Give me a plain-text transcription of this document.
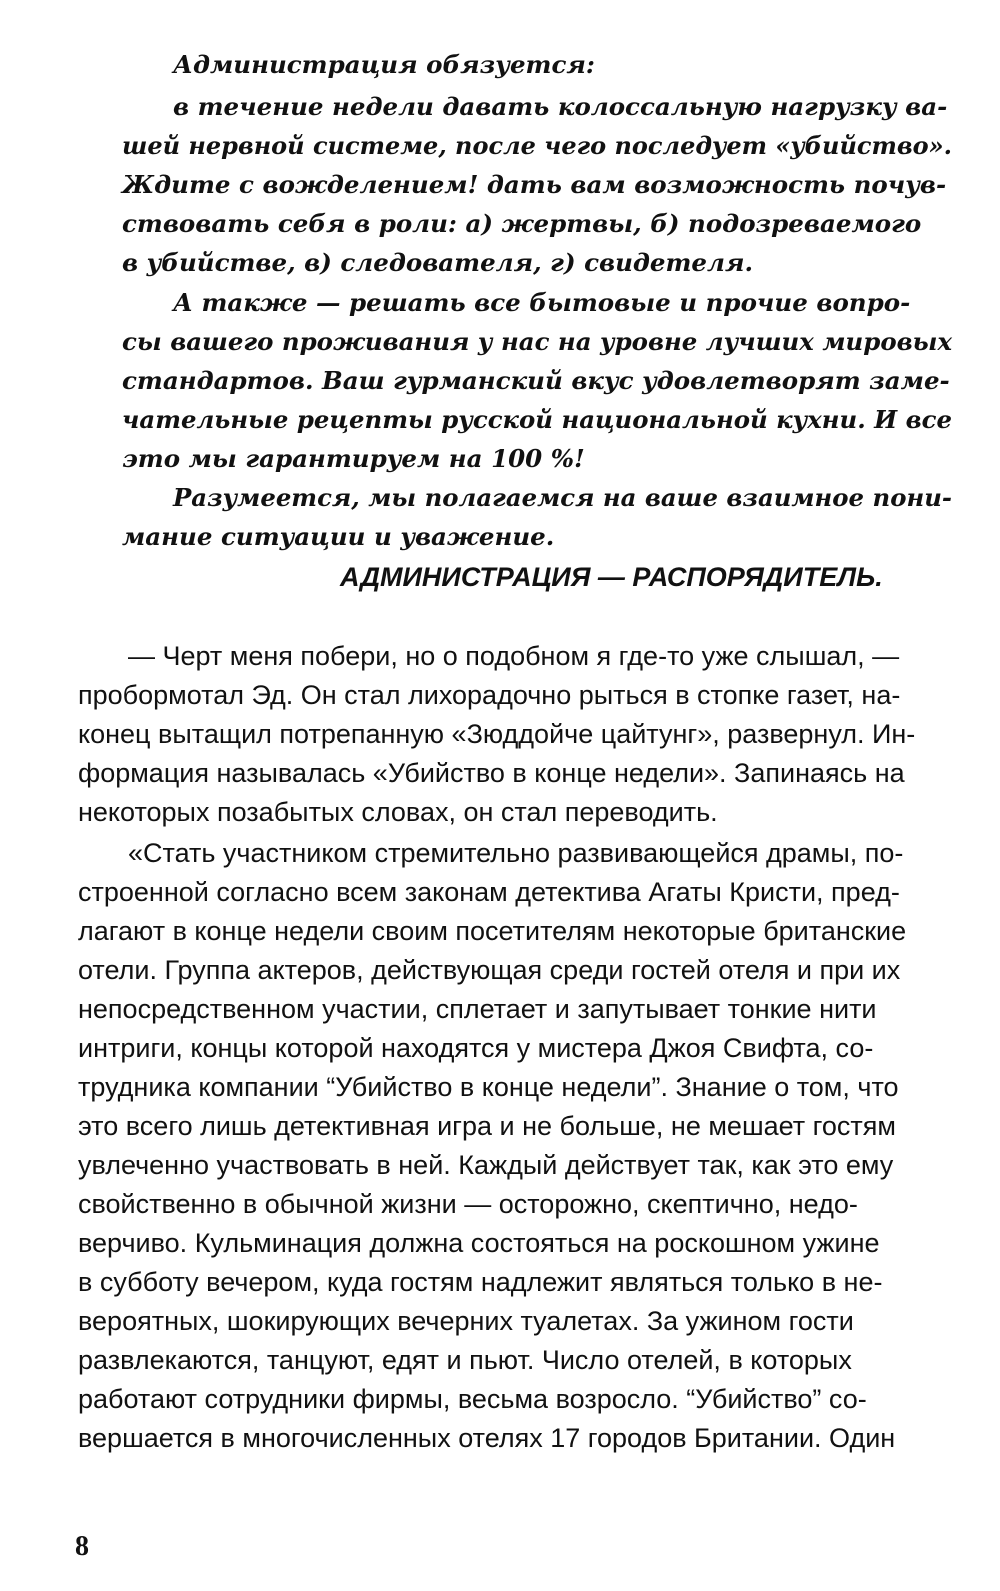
Администрация обязуется:

в течение недели давать колоссальную нагрузку ва-

шей нервной системе, после чего последует «убийство».

Ждите с вожделением! дать вам возможность почув-

ствовать себя в роли: а) жертвы, б) подозреваемого

в убийстве, в) следователя, г) свидетеля.

А также — решать все бытовые и прочие вопро-

сы вашего проживания у нас на уровне лучших мировых

стандартов. Ваш гурманский вкус удовлетворят заме-

чательные рецепты русской национальной кухни. И все

это мы гарантируем на 100 %!

Разумеется, мы полагаемся на ваше взаимное пони-

мание ситуации и уважение.

АДМИНИСТРАЦИЯ — РАСПОРЯДИТЕЛЬ.

— Черт меня побери, но о подобном я где-то уже слышал, —

пробормотал Эд. Он стал лихорадочно рыться в стопке газет, на-

конец вытащил потрепанную «Зюддойче цайтунг», развернул. Ин-

формация называлась «Убийство в конце недели». Запинаясь на

некоторых позабытых словах, он стал переводить.

«Стать участником стремительно развивающейся драмы, по-

строенной согласно всем законам детектива Агаты Кристи, пред-

лагают в конце недели своим посетителям некоторые британские

отели. Группа актеров, действующая среди гостей отеля и при их

непосредственном участии, сплетает и запутывает тонкие нити

интриги, концы которой находятся у мистера Джоя Свифта, со-

трудника компании “Убийство в конце недели”. Знание о том, что

это всего лишь детективная игра и не больше, не мешает гостям

увлеченно участвовать в ней. Каждый действует так, как это ему

свойственно в обычной жизни — осторожно, скептично, недо-

верчиво. Кульминация должна состояться на роскошном ужине

в субботу вечером, куда гостям надлежит являться только в не-

вероятных, шокирующих вечерних туалетах. За ужином гости

развлекаются, танцуют, едят и пьют. Число отелей, в которых

работают сотрудники фирмы, весьма возросло. “Убийство” со-

вершается в многочисленных отелях 17 городов Британии. Один

8
